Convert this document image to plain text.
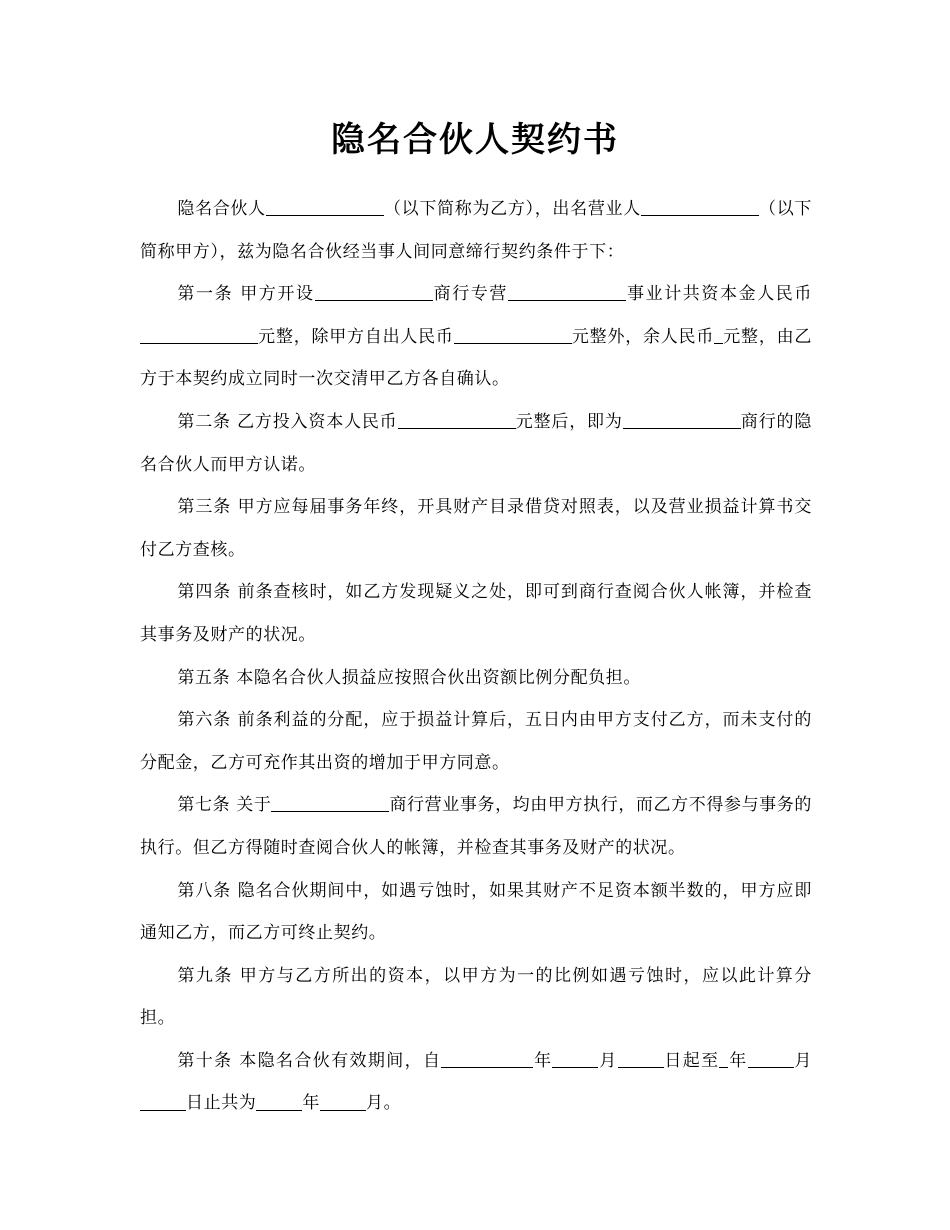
隐名合伙人契约书

隐名合伙人	（以下简称为乙方），出名营业人	（以下简称甲方），兹为隐名合伙经当事人间同意缔行契约条件于下：

第一条 甲方开设	商行专营	事业计共资本金人民币元整，除甲方自出人民币	元整外，余人民币 元整，由乙方于本契约成立同时一次交清甲乙方各自确认。

第二条 乙方投入资本人民币	元整后，即为	商行的隐名合伙人而甲方认诺。

第三条 甲方应每届事务年终，开具财产目录借贷对照表，以及营业损益计算书交付乙方查核。

第四条 前条查核时，如乙方发现疑义之处，即可到商行查阅合伙人帐簿，并检查其事务及财产的状况。

第五条 本隐名合伙人损益应按照合伙出资额比例分配负担。

第六条 前条利益的分配，应于损益计算后，五日内由甲方支付乙方，而未支付的分配金，乙方可充作其出资的增加于甲方同意。

第七条 关于	商行营业事务，均由甲方执行，而乙方不得参与事务的执行。但乙方得随时查阅合伙人的帐簿，并检查其事务及财产的状况。

第八条 隐名合伙期间中，如遇亏蚀时，如果其财产不足资本额半数的，甲方应即通知乙方，而乙方可终止契约。

第九条 甲方与乙方所出的资本，以甲方为一的比例如遇亏蚀时，应以此计算分担。

第十条 本隐名合伙有效期间，自	年	月	日起至 年	月日止共为	年	月。
